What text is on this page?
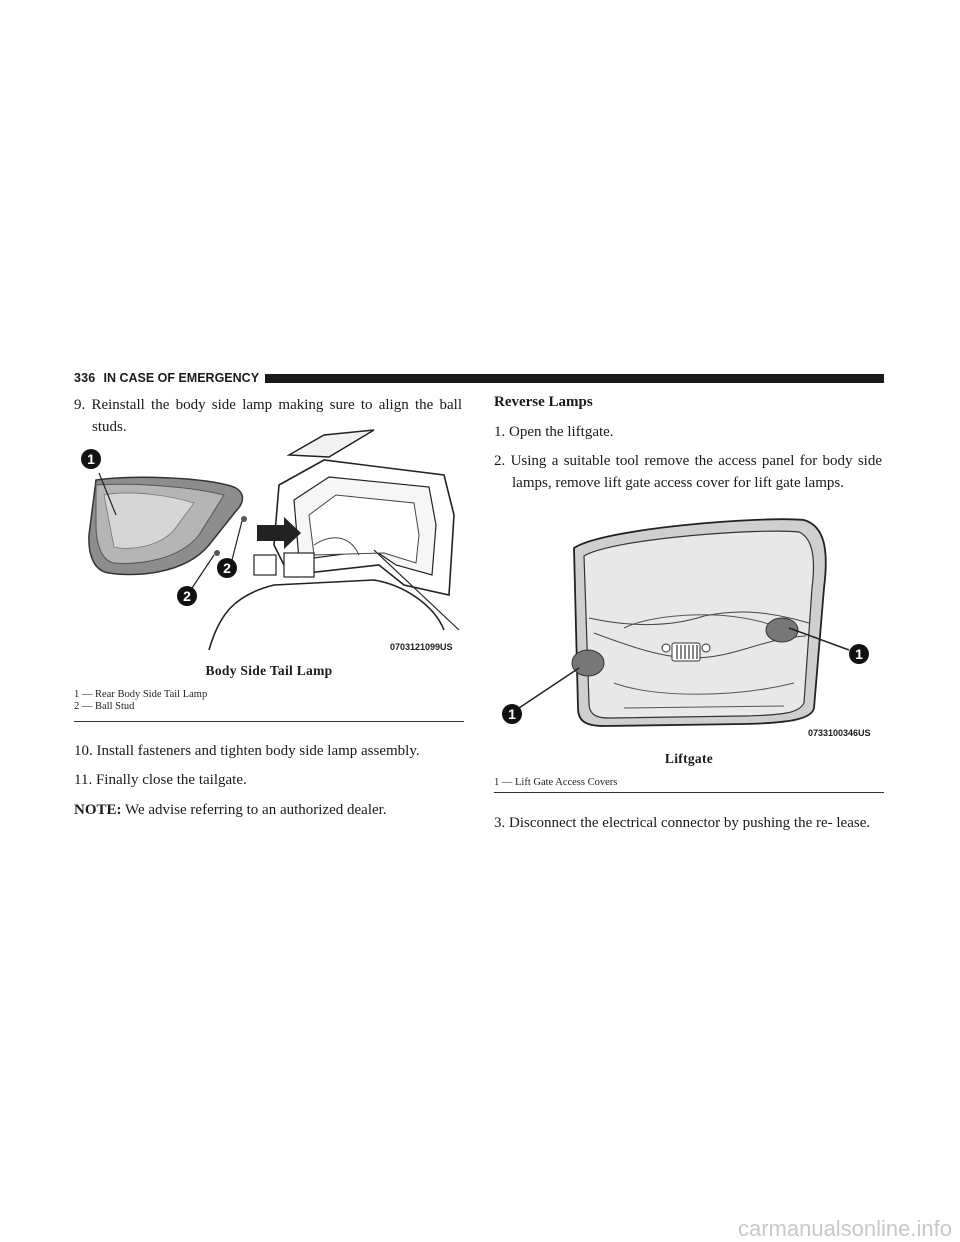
336 IN CASE OF EMERGENCY
9. Reinstall the body side lamp making sure to align the ball studs.
1
2
2
0703121099US
Body Side Tail Lamp
1 — Rear Body Side Tail Lamp
2 — Ball Stud
10. Install fasteners and tighten body side lamp assembly.
11. Finally close the tailgate.
NOTE: We advise referring to an authorized dealer.
Reverse Lamps
1. Open the liftgate.
2. Using a suitable tool remove the access panel for body side lamps, remove lift gate access cover for lift gate lamps.
1
1
0733100346US
Liftgate
1 — Lift Gate Access Covers
3. Disconnect the electrical connector by pushing the re- lease.
carmanualsonline.info
